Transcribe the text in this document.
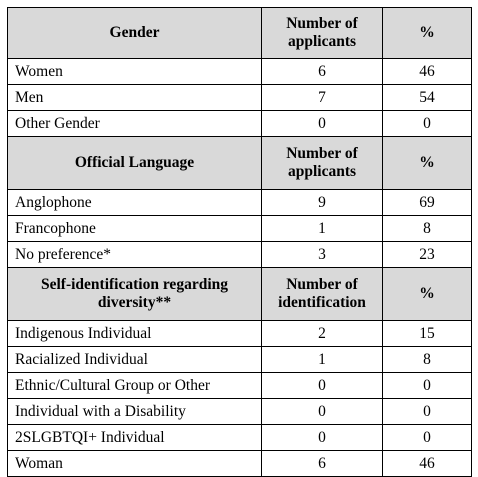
Gender	Number of applicants	%
Women	6	46
Men	7	54
Other Gender	0	0
Official Language	Number of applicants	%
Anglophone	9	69
Francophone	1	8
No preference*	3	23
Self-identification regarding diversity**	Number of identification	%
Indigenous Individual	2	15
Racialized Individual	1	8
Ethnic/Cultural Group or Other	0	0
Individual with a Disability	0	0
2SLGBTQI+ Individual	0	0
Woman	6	46
